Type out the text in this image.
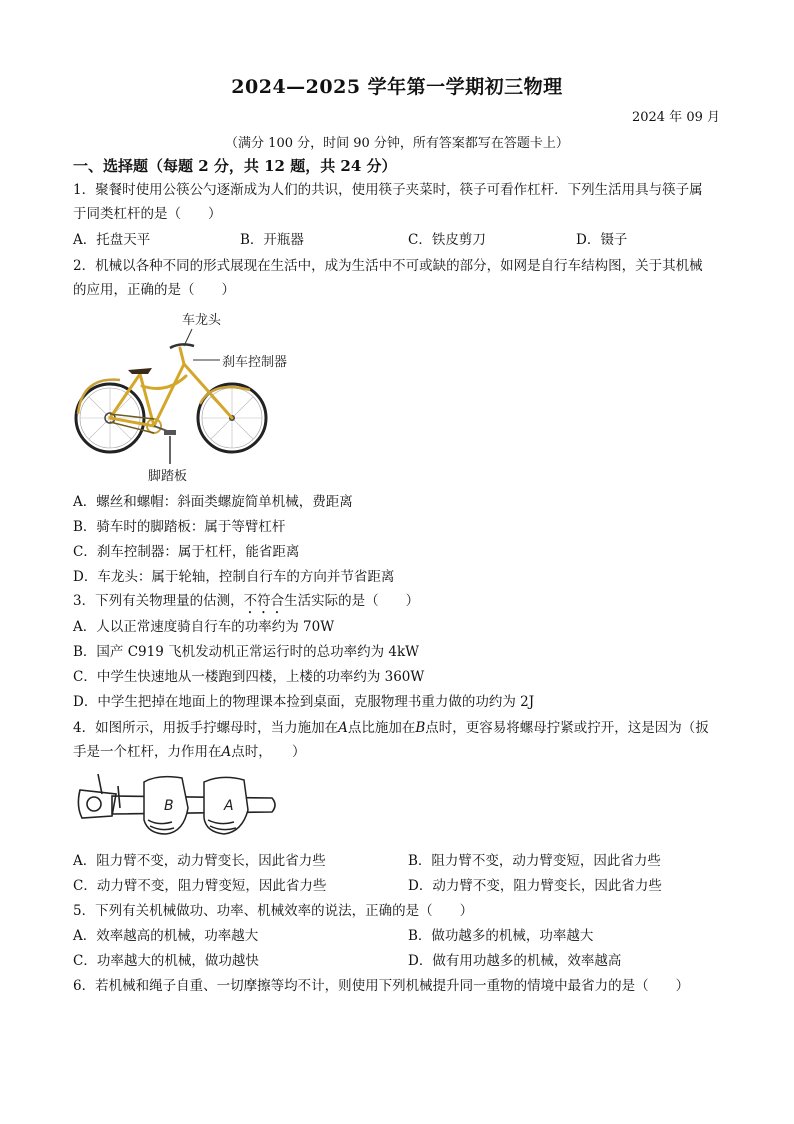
2024—2025 学年第一学期初三物理
2024 年 09 月
（满分 100 分，时间 90 分钟，所有答案都写在答题卡上）
一、选择题（每题 2 分，共 12 题，共 24 分）
1．聚餐时使用公筷公勺逐渐成为人们的共识，使用筷子夹菜时，筷子可看作杠杆．下列生活用具与筷子属
于同类杠杆的是（　　）
A．托盘天平	B．开瓶器	C．铁皮剪刀	D．镊子
2．机械以各种不同的形式展现在生活中，成为生活中不可或缺的部分，如网是自行车结构图，关于其机械
的应用，正确的是（　　）
车龙头
刹车控制器
脚踏板
A．螺丝和螺帽：斜面类螺旋简单机械，费距离
B．骑车时的脚踏板：属于等臂杠杆
C．刹车控制器：属于杠杆，能省距离
D．车龙头：属于轮轴，控制自行车的方向并节省距离
3．下列有关物理量的估测，不符合生活实际的是（　　）
A．人以正常速度骑自行车的功率约为 70W
B．国产 C919 飞机发动机正常运行时的总功率约为 4kW
C．中学生快速地从一楼跑到四楼，上楼的功率约为 360W
D．中学生把掉在地面上的物理课本捡到桌面，克服物理书重力做的功约为 2J
4．如图所示，用扳手拧螺母时，当力施加在A点比施加在B点时，更容易将螺母拧紧或拧开，这是因为（扳
手是一个杠杆，力作用在A点时，　　）
B	A
A．阻力臂不变，动力臂变长，因此省力些	B．阻力臂不变，动力臂变短，因此省力些
C．动力臂不变，阻力臂变短，因此省力些	D．动力臂不变，阻力臂变长，因此省力些
5．下列有关机械做功、功率、机械效率的说法，正确的是（　　）
A．效率越高的机械，功率越大	B．做功越多的机械，功率越大
C．功率越大的机械，做功越快	D．做有用功越多的机械，效率越高
6．若机械和绳子自重、一切摩擦等均不计，则使用下列机械提升同一重物的情境中最省力的是（　　）
